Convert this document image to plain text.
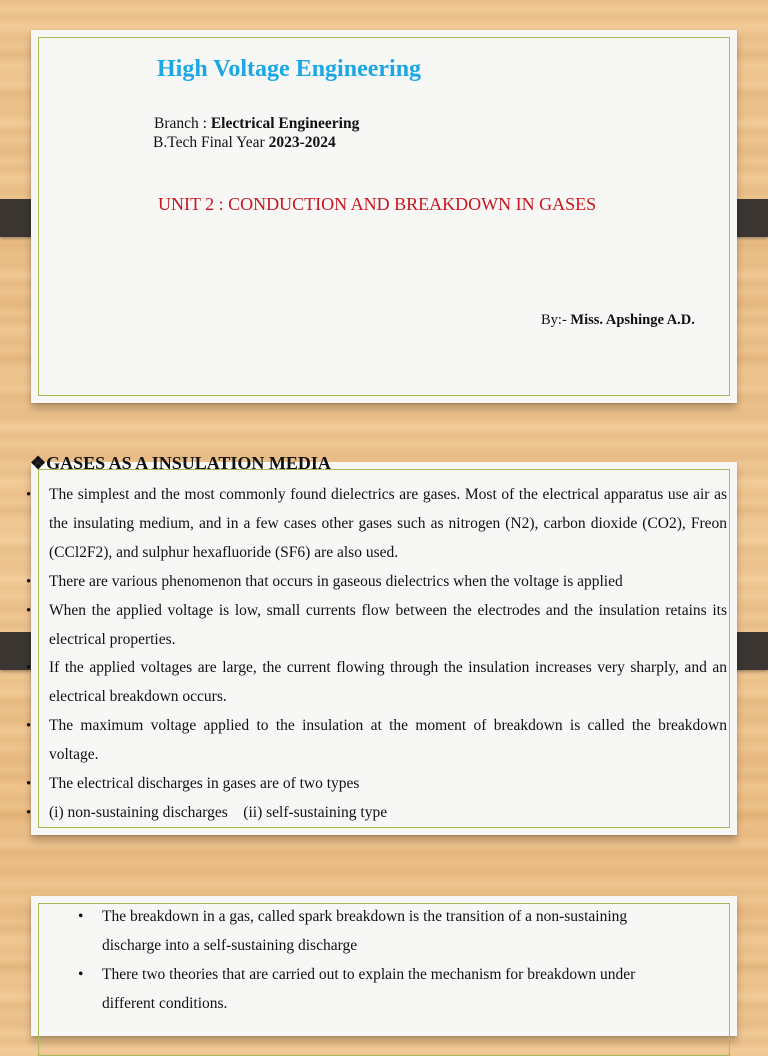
High Voltage Engineering
Branch : Electrical Engineering
B.Tech Final Year 2023-2024
UNIT 2 : CONDUCTION AND BREAKDOWN IN GASES
By:- Miss. Apshinge A.D.
❖GASES AS A INSULATION MEDIA
• The simplest and the most commonly found dielectrics are gases. Most of the electrical apparatus use air as the insulating medium, and in a few cases other gases such as nitrogen (N2), carbon dioxide (CO2), Freon (CCl2F2), and sulphur hexafluoride (SF6) are also used.
• There are various phenomenon that occurs in gaseous dielectrics when the voltage is applied
• When the applied voltage is low, small currents flow between the electrodes and the insulation retains its electrical properties.
• If the applied voltages are large, the current flowing through the insulation increases very sharply, and an electrical breakdown occurs.
• The maximum voltage applied to the insulation at the moment of breakdown is called the breakdown voltage.
• The electrical discharges in gases are of two types
• (i) non-sustaining discharges    (ii) self-sustaining type
• The breakdown in a gas, called spark breakdown is the transition of a non-sustaining discharge into a self-sustaining discharge
• There two theories that are carried out to explain the mechanism for breakdown under different conditions.
